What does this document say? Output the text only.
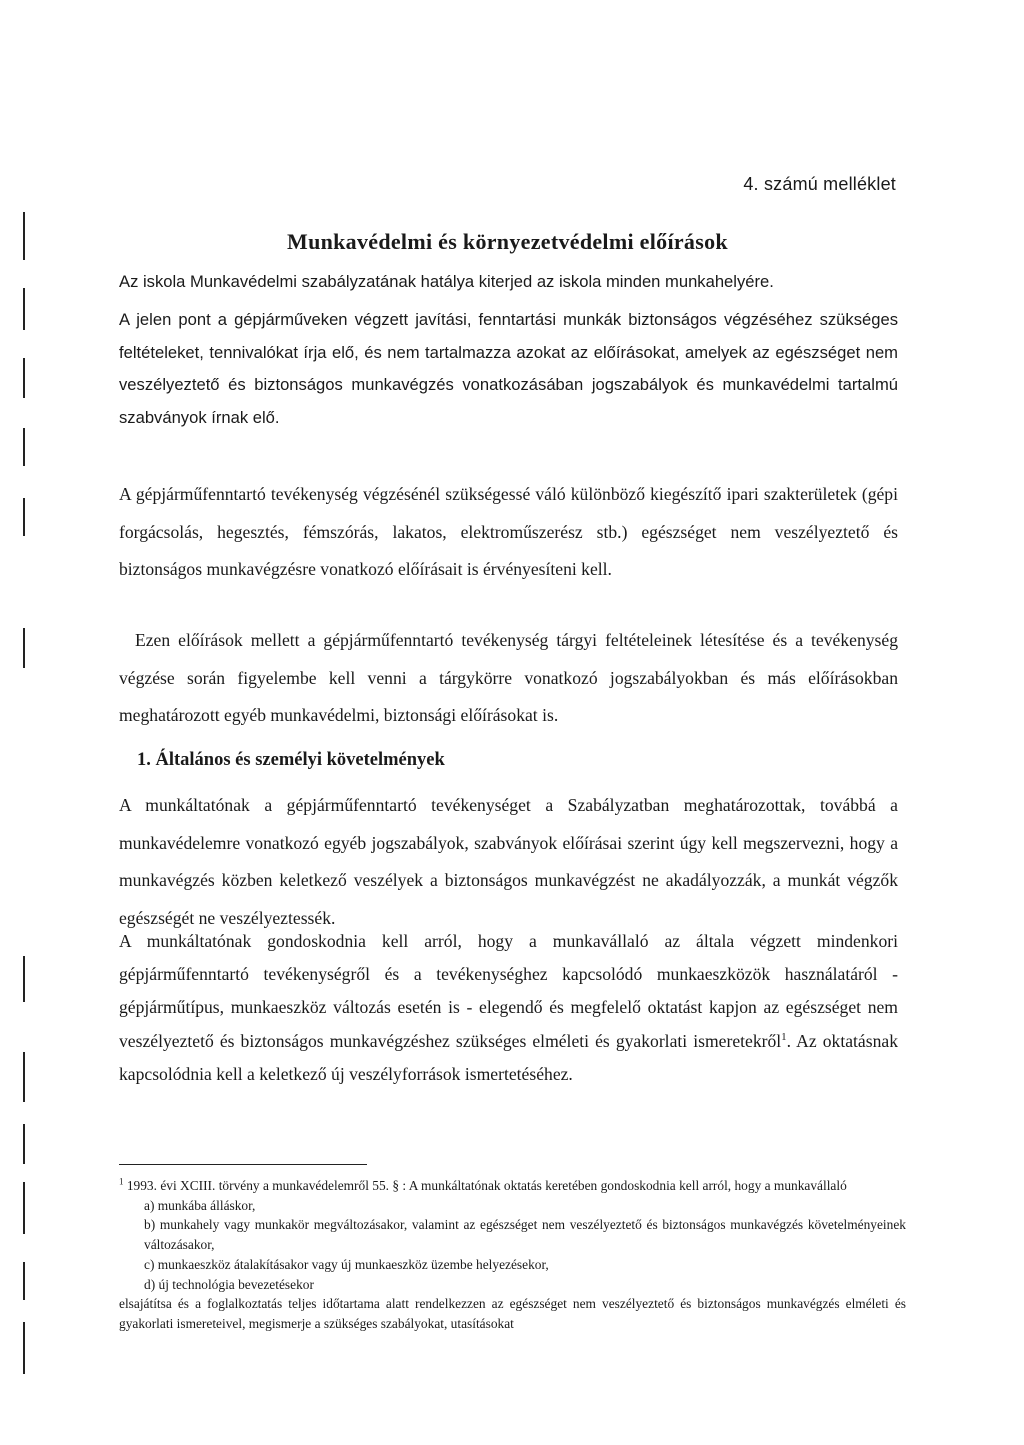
4. számú melléklet
Munkavédelmi és környezetvédelmi előírások

Az iskola Munkavédelmi szabályzatának hatálya kiterjed az iskola minden munkahelyére.

A jelen pont a gépjárműveken végzett javítási, fenntartási munkák biztonságos végzéséhez szükséges feltételeket, tennivalókat írja elő, és nem tartalmazza azokat az előírásokat, amelyek az egészséget nem veszélyeztető és biztonságos munkavégzés vonatkozásában jogszabályok és munkavédelmi tartalmú szabványok írnak elő.

A gépjárműfenntartó tevékenység végzésénél szükségessé váló különböző kiegészítő ipari szakterületek (gépi forgácsolás, hegesztés, fémszórás, lakatos, elektroműszerész stb.) egészséget nem veszélyeztető és biztonságos munkavégzésre vonatkozó előírásait is érvényesíteni kell.

Ezen előírások mellett a gépjárműfenntartó tevékenység tárgyi feltételeinek létesítése és a tevékenység végzése során figyelembe kell venni a tárgykörre vonatkozó jogszabályokban és más előírásokban meghatározott egyéb munkavédelmi, biztonsági előírásokat is.

1. Általános és személyi követelmények

A munkáltatónak a gépjárműfenntartó tevékenységet a Szabályzatban meghatározottak, továbbá a munkavédelemre vonatkozó egyéb jogszabályok, szabványok előírásai szerint úgy kell megszervezni, hogy a munkavégzés közben keletkező veszélyek a biztonságos munkavégzést ne akadályozzák, a munkát végzők egészségét ne veszélyeztessék.

A munkáltatónak gondoskodnia kell arról, hogy a munkavállaló az általa végzett mindenkori gépjárműfenntartó tevékenységről és a tevékenységhez kapcsolódó munkaeszközök használatáról - gépjárműtípus, munkaeszköz változás esetén is - elegendő és megfelelő oktatást kapjon az egészséget nem veszélyeztető és biztonságos munkavégzéshez szükséges elméleti és gyakorlati ismeretekről$^1$. Az oktatásnak kapcsolódnia kell a keletkező új veszélyforrások ismertetéséhez.

$^1$ 1993. évi XCIII. törvény a munkavédelemről 55. § : A munkáltatónak oktatás keretében gondoskodnia kell arról, hogy a munkavállaló
a) munkába álláskor,
b) munkahely vagy munkakör megváltozásakor, valamint az egészséget nem veszélyeztető és biztonságos munkavégzés követelményeinek változásakor,
c) munkaeszköz átalakításakor vagy új munkaeszköz üzembe helyezésekor,
d) új technológia bevezetésekor
elsajátítsa és a foglalkoztatás teljes időtartama alatt rendelkezzen az egészséget nem veszélyeztető és biztonságos munkavégzés elméleti és gyakorlati ismereteivel, megismerje a szükséges szabályokat, utasításokat
